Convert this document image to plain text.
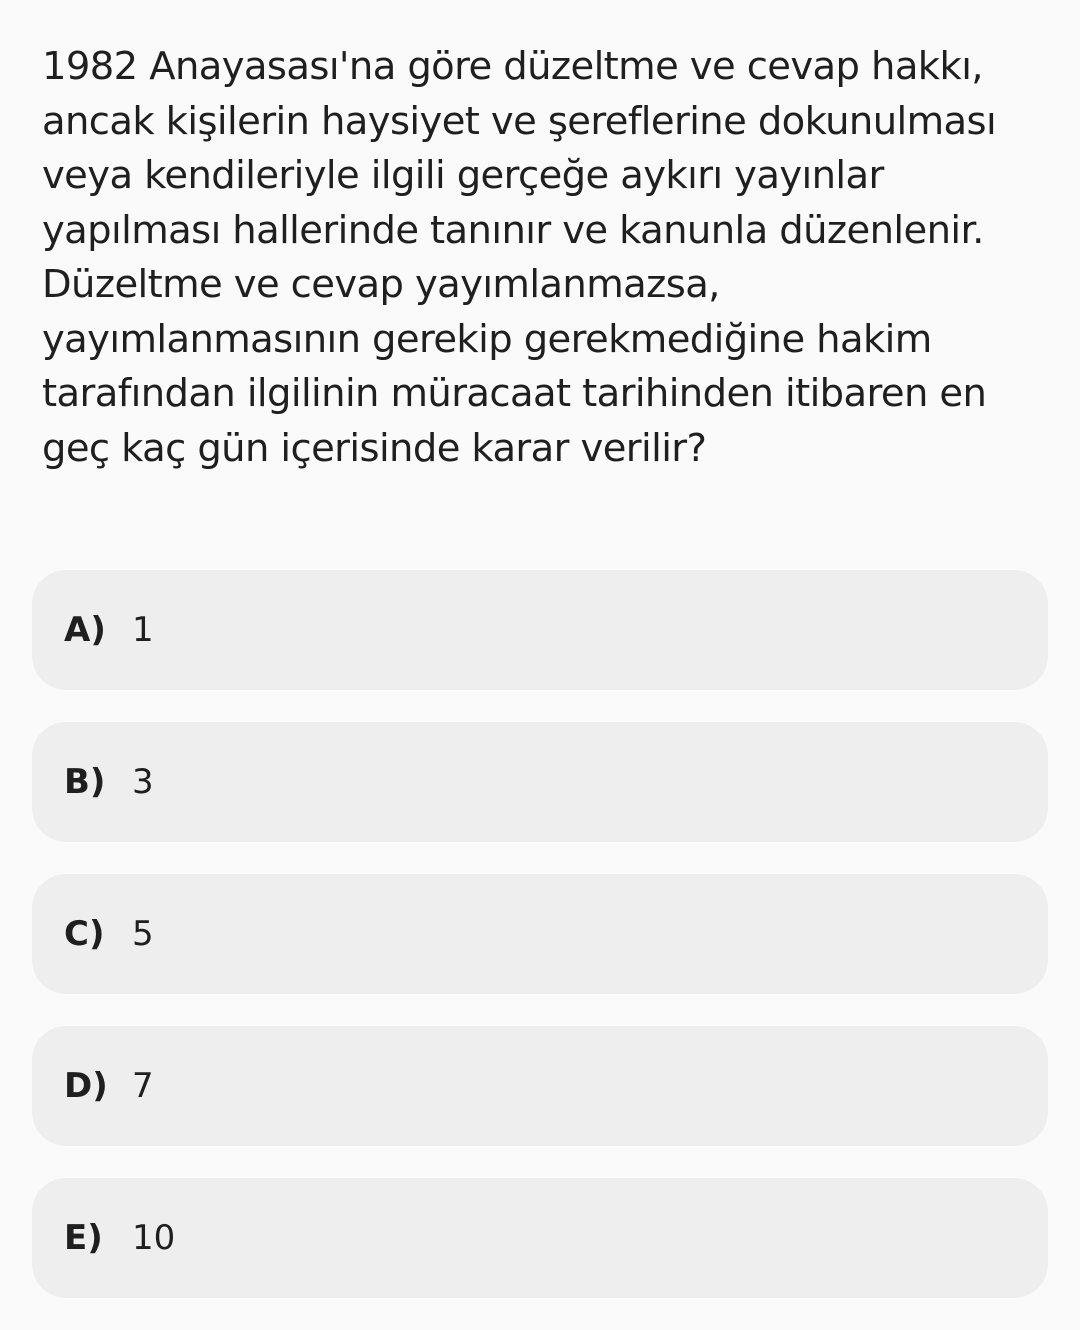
1982 Anayasası'na göre düzeltme ve cevap hakkı, ancak kişilerin haysiyet ve şereflerine dokunulması veya kendileriyle ilgili gerçeğe aykırı yayınlar yapılması hallerinde tanınır ve kanunla düzenlenir.

Düzeltme ve cevap yayımlanmazsa, yayımlanmasının gerekip gerekmediğine hakim tarafından ilgilinin müracaat tarihinden itibaren en geç kaç gün içerisinde karar verilir?

A) 1
B) 3
C) 5
D) 7
E) 10
